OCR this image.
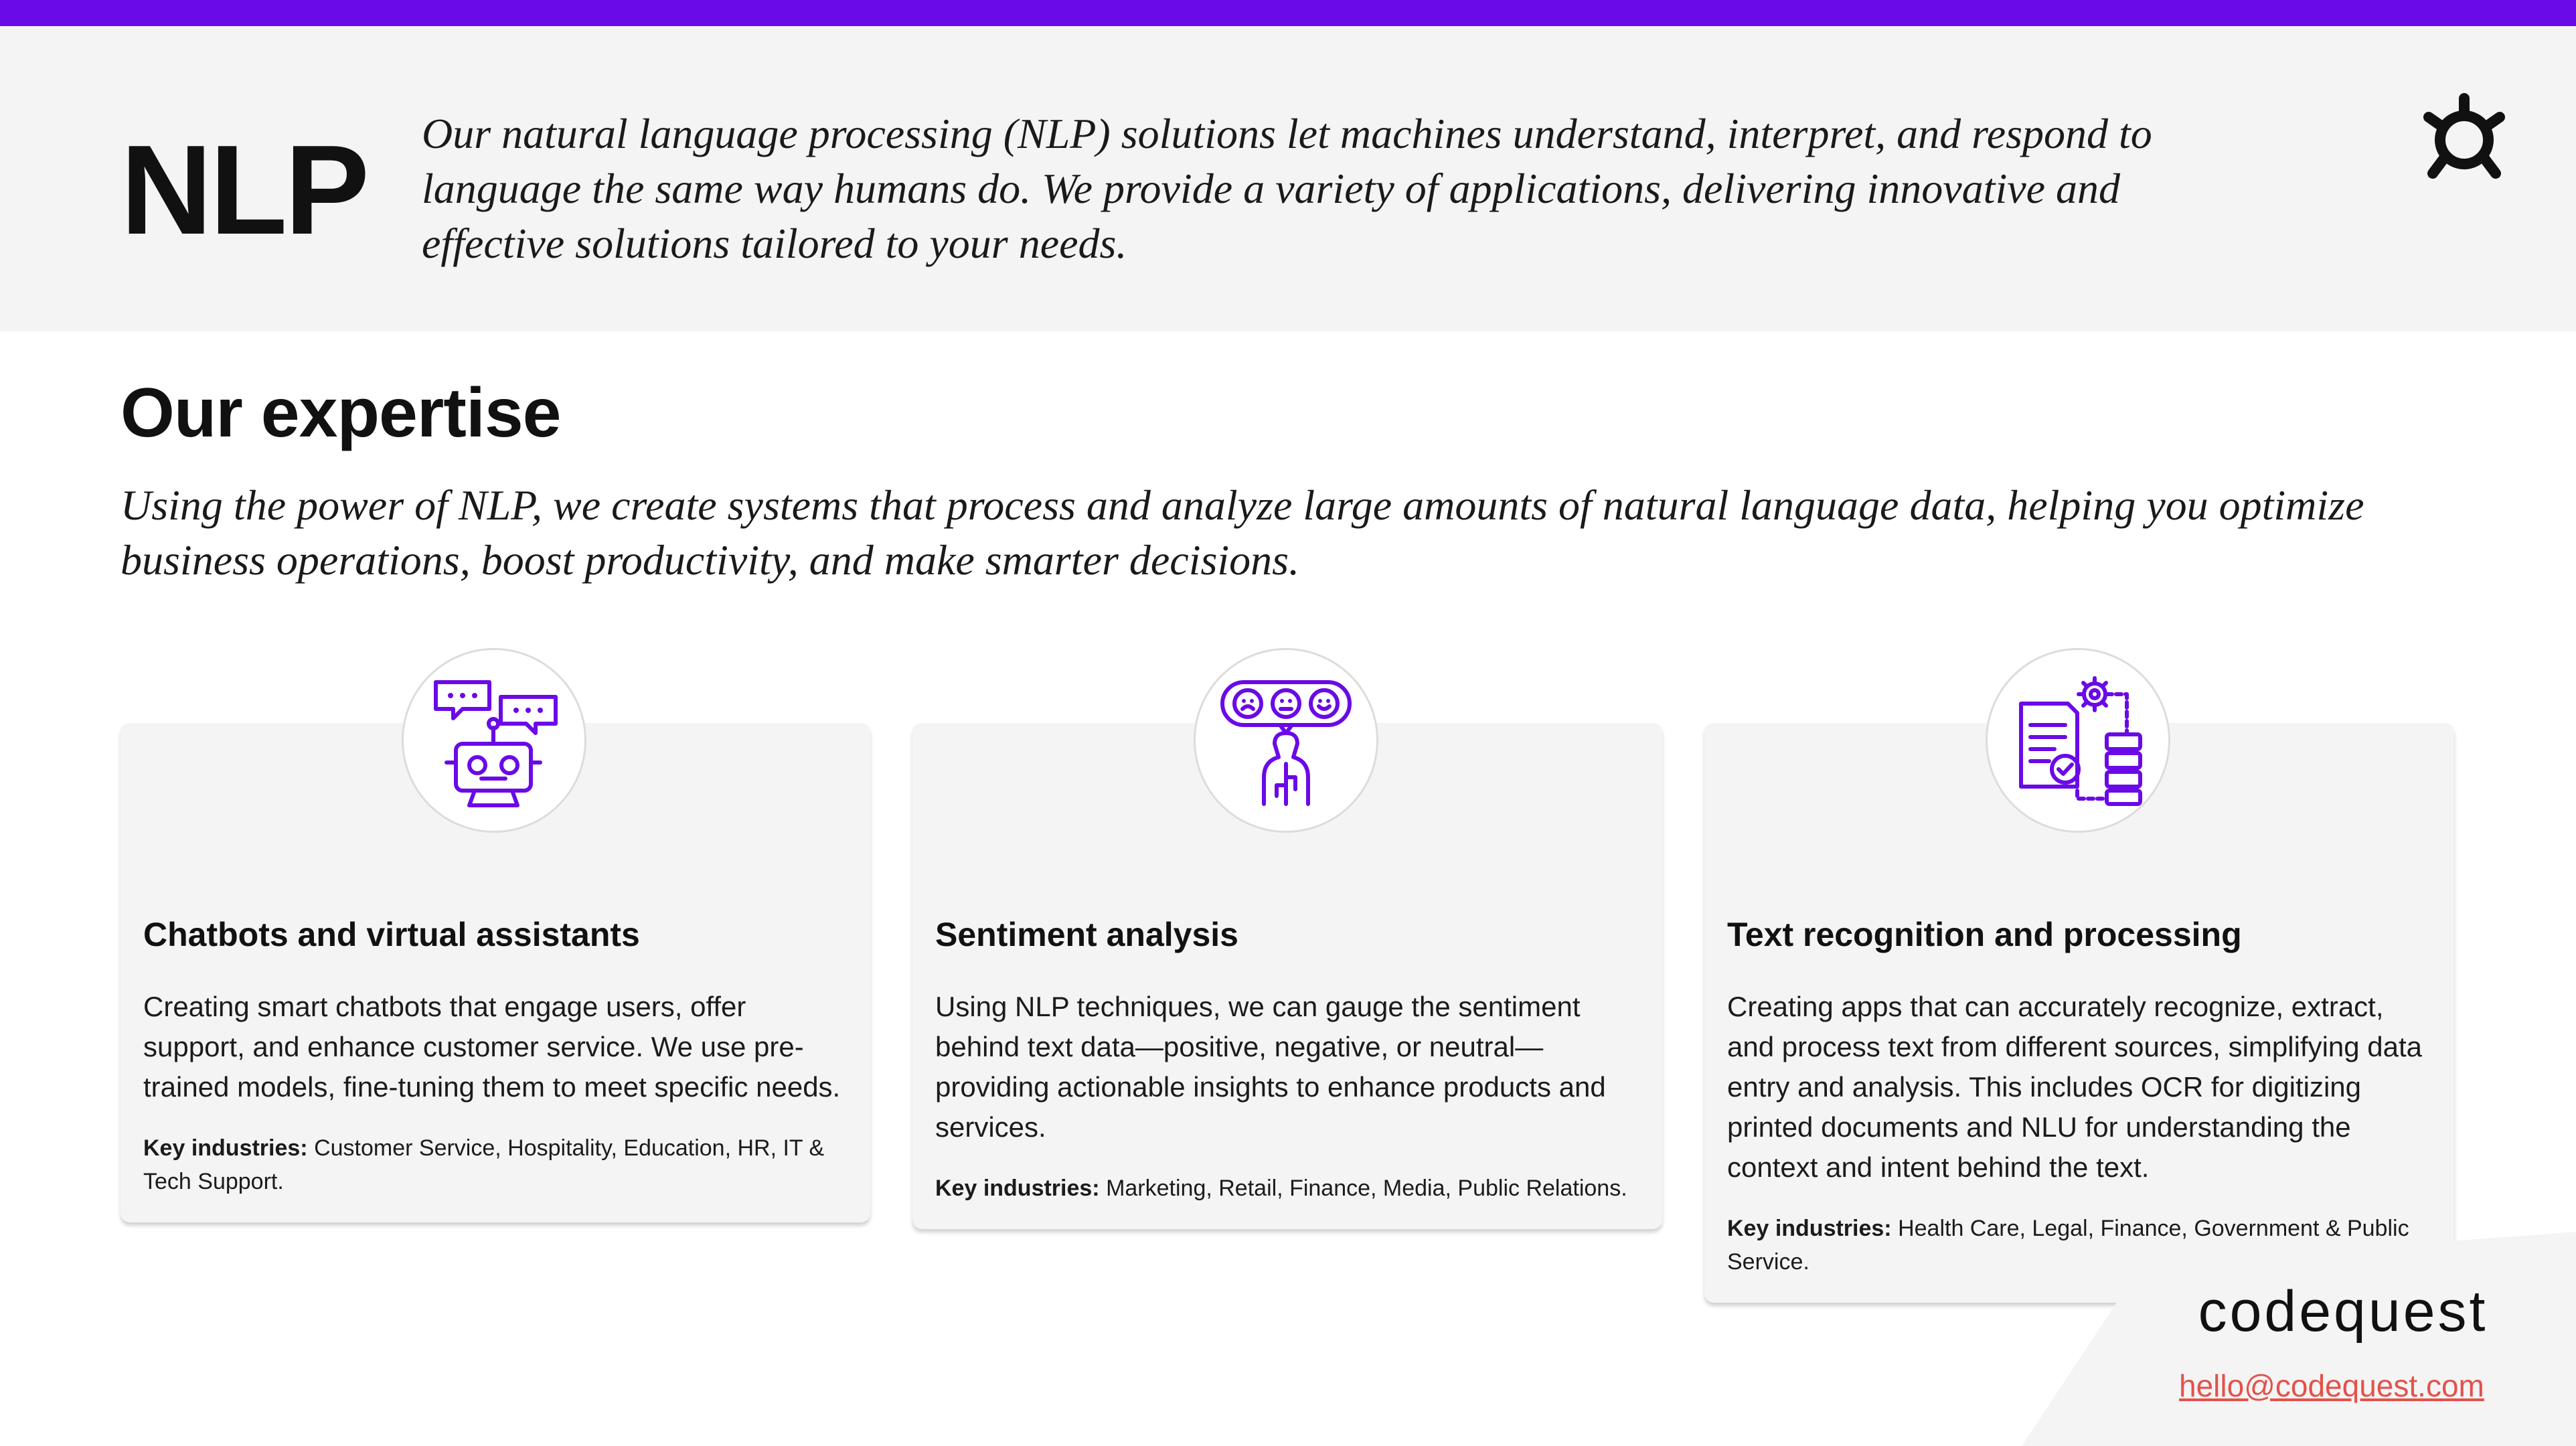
NLP Our natural language processing (NLP) solutions let machines understand, interpret, and respond to language the same way humans do. We provide a variety of applications, delivering innovative and effective solutions tailored to your needs.

Our expertise

Using the power of NLP, we create systems that process and analyze large amounts of natural language data, helping you optimize business operations, boost productivity, and make smarter decisions.

Chatbots and virtual assistants

Creating smart chatbots that engage users, offer support, and enhance customer service. We use pre-trained models, fine-tuning them to meet specific needs.

Key industries: Customer Service, Hospitality, Education, HR, IT & Tech Support.

Sentiment analysis

Using NLP techniques, we can gauge the sentiment behind text data—positive, negative, or neutral—providing actionable insights to enhance products and services.

Key industries: Marketing, Retail, Finance, Media, Public Relations.

Text recognition and processing

Creating apps that can accurately recognize, extract, and process text from different sources, simplifying data entry and analysis. This includes OCR for digitizing printed documents and NLU for understanding the context and intent behind the text.

Key industries: Health Care, Legal, Finance, Government & Public Service.

codequest
hello@codequest.com
